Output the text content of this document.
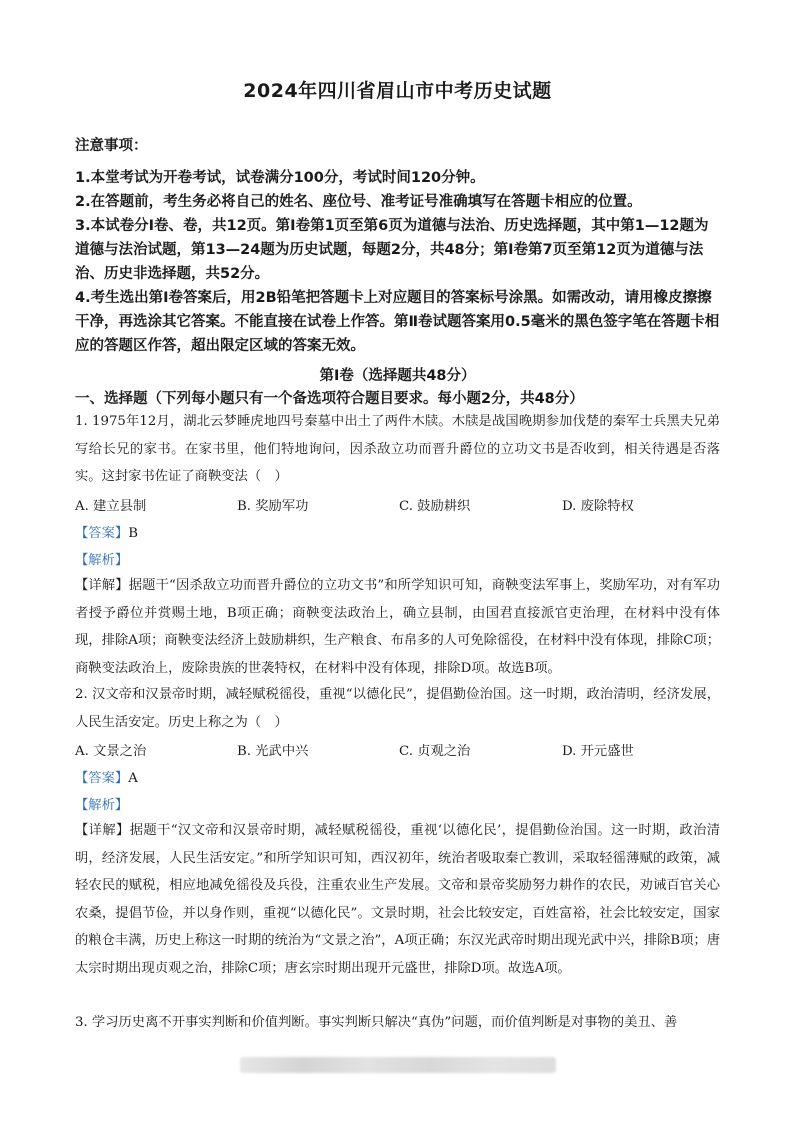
2024年四川省眉山市中考历史试题

注意事项：

1.本堂考试为开卷考试，试卷满分100分，考试时间120分钟。

2.在答题前，考生务必将自己的姓名、座位号、准考证号准确填写在答题卡相应的位置。

3.本试卷分I卷、卷，共12页。第I卷第1页至第6页为道德与法治、历史选择题，其中第1—12题为道德与法治试题，第13—24题为历史试题，每题2分，共48分；第I卷第7页至第12页为道德与法治、历史非选择题，共52分。

4.考生选出第I卷答案后，用2B铅笔把答题卡上对应题目的答案标号涂黑。如需改动，请用橡皮擦擦干净，再选涂其它答案。不能直接在试卷上作答。第Ⅱ卷试题答案用0.5毫米的黑色签字笔在答题卡相应的答题区作答，超出限定区域的答案无效。

第I卷（选择题共48分）
一、选择题（下列每小题只有一个备选项符合题目要求。每小题2分，共48分）
1. 1975年12月，湖北云梦睡虎地四号秦墓中出土了两件木牍。木牍是战国晚期参加伐楚的秦军士兵黑夫兄弟写给长兄的家书。在家书里，他们特地询问，因杀敌立功而晋升爵位的立功文书是否收到，相关待遇是否落实。这封家书佐证了商鞅变法（　）
A. 建立县制	B. 奖励军功	C. 鼓励耕织	D. 废除特权
【答案】B
【解析】

【详解】据题干“因杀敌立功而晋升爵位的立功文书”和所学知识可知，商鞅变法军事上，奖励军功，对有军功者授予爵位并赏赐土地，B项正确；商鞅变法政治上，确立县制，由国君直接派官吏治理，在材料中没有体现，排除A项；商鞅变法经济上鼓励耕织，生产粮食、布帛多的人可免除徭役，在材料中没有体现，排除C项；商鞅变法政治上，废除贵族的世袭特权，在材料中没有体现，排除D项。故选B项。

2. 汉文帝和汉景帝时期，减轻赋税徭役，重视“以德化民”，提倡勤俭治国。这一时期，政治清明，经济发展，人民生活安定。历史上称之为（　）
A. 文景之治	B. 光武中兴	C. 贞观之治	D. 开元盛世
【答案】A
【解析】

【详解】据题干“汉文帝和汉景帝时期，减轻赋税徭役，重视‘以德化民’，提倡勤俭治国。这一时期，政治清明，经济发展，人民生活安定。”和所学知识可知，西汉初年，统治者吸取秦亡教训，采取轻徭薄赋的政策，减轻农民的赋税，相应地减免徭役及兵役，注重农业生产发展。文帝和景帝奖励努力耕作的农民，劝诫百官关心农桑，提倡节俭，并以身作则，重视“以德化民”。文景时期，社会比较安定，百姓富裕，社会比较安定，国家的粮仓丰满，历史上称这一时期的统治为“文景之治”，A项正确；东汉光武帝时期出现光武中兴，排除B项；唐太宗时期出现贞观之治，排除C项；唐玄宗时期出现开元盛世，排除D项。故选A项。

3. 学习历史离不开事实判断和价值判断。事实判断只解决“真伪”问题，而价值判断是对事物的美丑、善
